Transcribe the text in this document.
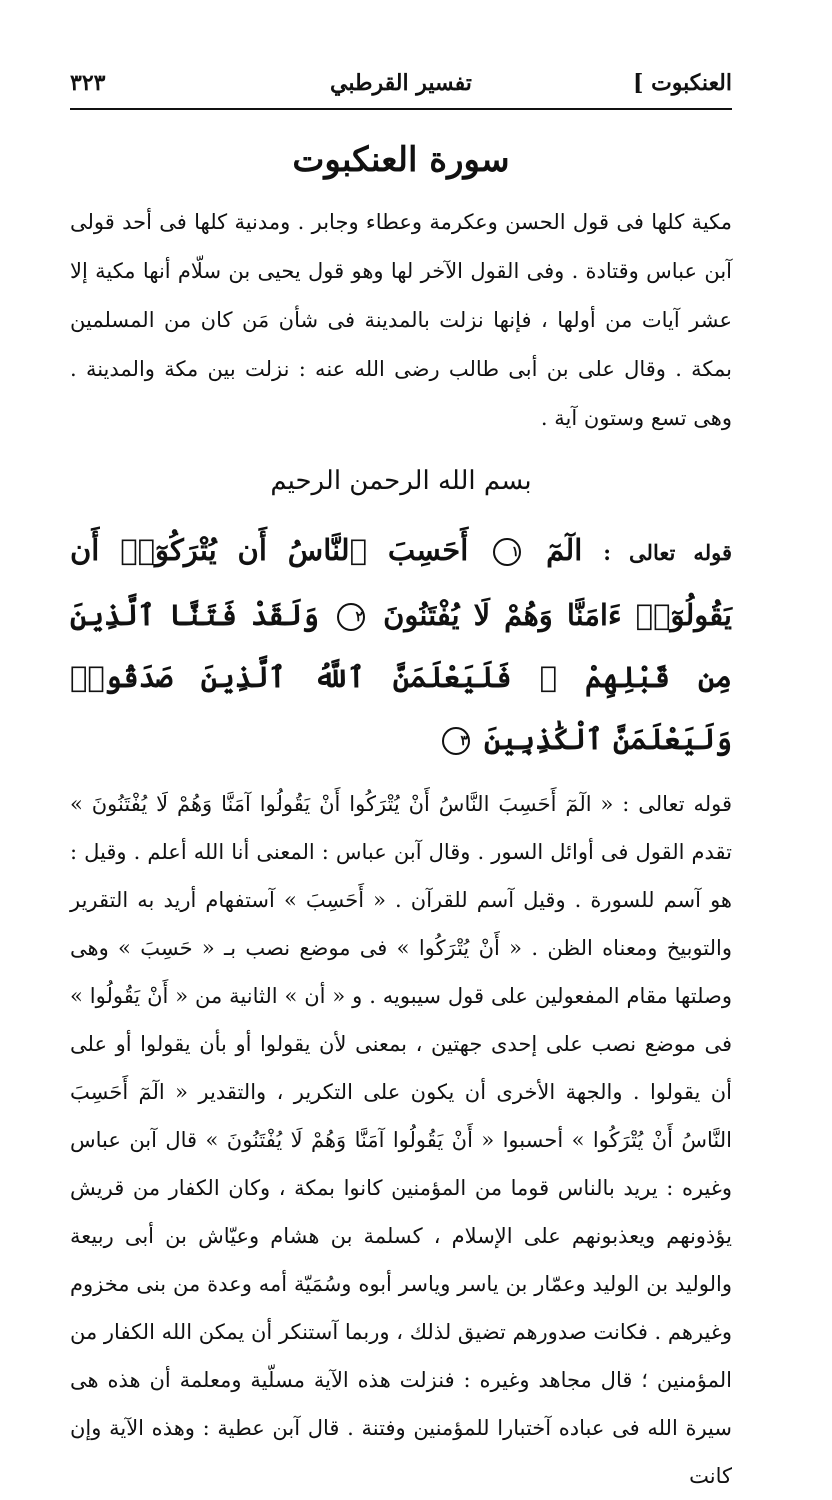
العنكبوت ]
تفسير القرطبي
٣٢٣
سورة العنكبوت
مكية كلها فى قول الحسن وعكرمة وعطاء وجابر . ومدنية كلها فى أحد قولى آبن عباس وقتادة . وفى القول الآخر لها وهو قول يحيى بن سلّام أنها مكية إلا عشر آيات من أولها ، فإنها نزلت بالمدينة فى شأن مَن كان من المسلمين بمكة . وقال على بن أبى طالب رضى الله عنه : نزلت بين مكة والمدينة . وهى تسع وستون آية .
بسم الله الرحمن الرحيم
قوله تعالى : الٓمٓ ١ أَحَسِبَ ٱلنَّاسُ أَن يُتْرَكُوٓا۟ أَن يَقُولُوٓا۟ ءَامَنَّا وَهُمْ لَا يُفْتَنُونَ ٢ وَلَقَدْ فَتَنَّا ٱلَّذِينَ مِن قَبْلِهِمْ ۖ فَلَيَعْلَمَنَّ ٱللَّهُ ٱلَّذِينَ صَدَقُوا۟ وَلَيَعْلَمَنَّ ٱلْكَٰذِبِينَ ٣
قوله تعالى : « الٓمٓ أَحَسِبَ النَّاسُ أَنْ يُتْرَكُوا أَنْ يَقُولُوا آمَنَّا وَهُمْ لَا يُفْتَنُونَ » تقدم القول فى أوائل السور . وقال آبن عباس : المعنى أنا الله أعلم . وقيل : هو آسم للسورة . وقيل آسم للقرآن . « أَحَسِبَ » آستفهام أريد به التقرير والتوبيخ ومعناه الظن . « أَنْ يُتْرَكُوا » فى موضع نصب بـ « حَسِبَ » وهى وصلتها مقام المفعولين على قول سيبويه . و « أن » الثانية من « أَنْ يَقُولُوا » فى موضع نصب على إحدى جهتين ، بمعنى لأن يقولوا أو بأن يقولوا أو على أن يقولوا . والجهة الأخرى أن يكون على التكرير ، والتقدير « الٓمٓ أَحَسِبَ النَّاسُ أَنْ يُتْرَكُوا » أحسبوا « أَنْ يَقُولُوا آمَنَّا وَهُمْ لَا يُفْتَنُونَ » قال آبن عباس وغيره : يريد بالناس قوما من المؤمنين كانوا بمكة ، وكان الكفار من قريش يؤذونهم ويعذبونهم على الإسلام ، كسلمة بن هشام وعيّاش بن أبى ربيعة والوليد بن الوليد وعمّار بن ياسر وياسر أبوه وسُمَيّة أمه وعدة من بنى مخزوم وغيرهم . فكانت صدورهم تضيق لذلك ، وربما آستنكر أن يمكن الله الكفار من المؤمنين ؛ قال مجاهد وغيره : فنزلت هذه الآية مسلّية ومعلمة أن هذه هى سيرة الله فى عباده آختبارا للمؤمنين وفتنة . قال آبن عطية : وهذه الآية وإن كانت
